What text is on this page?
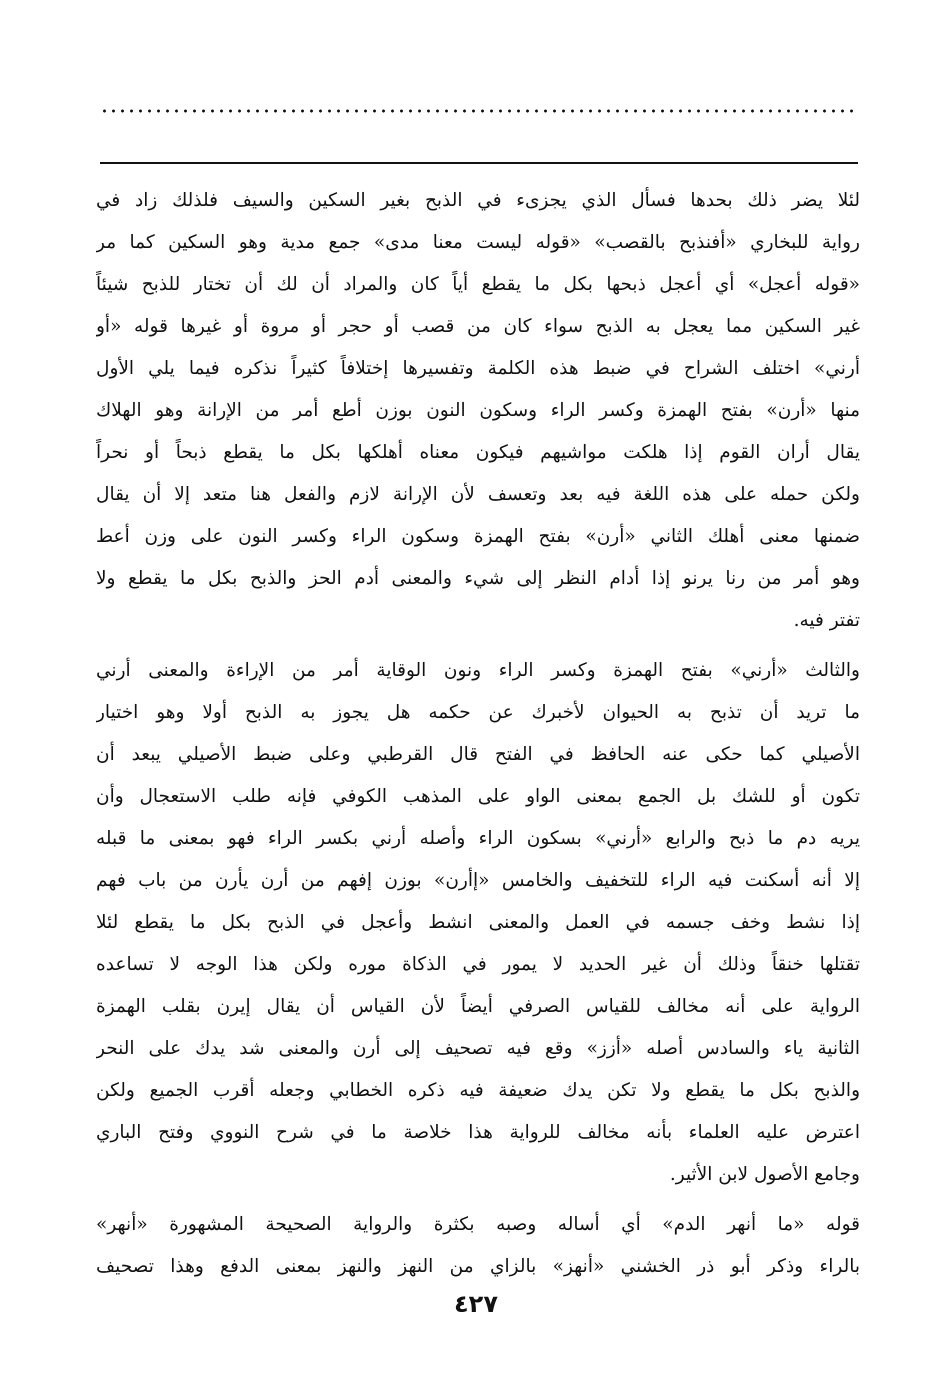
لئلا يضر ذلك بحدها فسأل الذي يجزىء في الذبح بغير السكين والسيف فلذلك زاد في
رواية للبخاري «أفنذبح بالقصب» «قوله ليست معنا مدى» جمع مدية وهو السكين كما مر
«قوله أعجل» أي أعجل ذبحها بكل ما يقطع أياً كان والمراد أن لك أن تختار للذبح شيئاً
غير السكين مما يعجل به الذبح سواء كان من قصب أو حجر أو مروة أو غيرها قوله «أو
أرني» اختلف الشراح في ضبط هذه الكلمة وتفسيرها إختلافاً كثيراً نذكره فيما يلي الأول
منها «أرن» بفتح الهمزة وكسر الراء وسكون النون بوزن أطع أمر من الإرانة وهو الهلاك
يقال أران القوم إذا هلكت مواشيهم فيكون معناه أهلكها بكل ما يقطع ذبحاً أو نحراً
ولكن حمله على هذه اللغة فيه بعد وتعسف لأن الإرانة لازم والفعل هنا متعد إلا أن يقال
ضمنها معنى أهلك الثاني «أرن» بفتح الهمزة وسكون الراء وكسر النون على وزن أعط
وهو أمر من رنا يرنو إذا أدام النظر إلى شيء والمعنى أدم الحز والذبح بكل ما يقطع ولا
تفتر فيه.
والثالث «أرني» بفتح الهمزة وكسر الراء ونون الوقاية أمر من الإراءة والمعنى أرني
ما تريد أن تذبح به الحيوان لأخبرك عن حكمه هل يجوز به الذبح أولا وهو اختيار
الأصيلي كما حكى عنه الحافظ في الفتح قال القرطبي وعلى ضبط الأصيلي يبعد أن
تكون أو للشك بل الجمع بمعنى الواو على المذهب الكوفي فإنه طلب الاستعجال وأن
يريه دم ما ذبح والرابع «أرني» بسكون الراء وأصله أرني بكسر الراء فهو بمعنى ما قبله
إلا أنه أسكنت فيه الراء للتخفيف والخامس «إأرن» بوزن إفهم من أرن يأرن من باب فهم
إذا نشط وخف جسمه في العمل والمعنى انشط وأعجل في الذبح بكل ما يقطع لئلا
تقتلها خنقاً وذلك أن غير الحديد لا يمور في الذكاة موره ولكن هذا الوجه لا تساعده
الرواية على أنه مخالف للقياس الصرفي أيضاً لأن القياس أن يقال إيرن بقلب الهمزة
الثانية ياء والسادس أصله «أزز» وقع فيه تصحيف إلى أرن والمعنى شد يدك على النحر
والذبح بكل ما يقطع ولا تكن يدك ضعيفة فيه ذكره الخطابي وجعله أقرب الجميع ولكن
اعترض عليه العلماء بأنه مخالف للرواية هذا خلاصة ما في شرح النووي وفتح الباري
وجامع الأصول لابن الأثير.
قوله «ما أنهر الدم» أي أساله وصبه بكثرة والرواية الصحيحة المشهورة «أنهر»
بالراء وذكر أبو ذر الخشني «أنهز» بالزاي من النهز والنهز بمعنى الدفع وهذا تصحيف
٤٢٧
